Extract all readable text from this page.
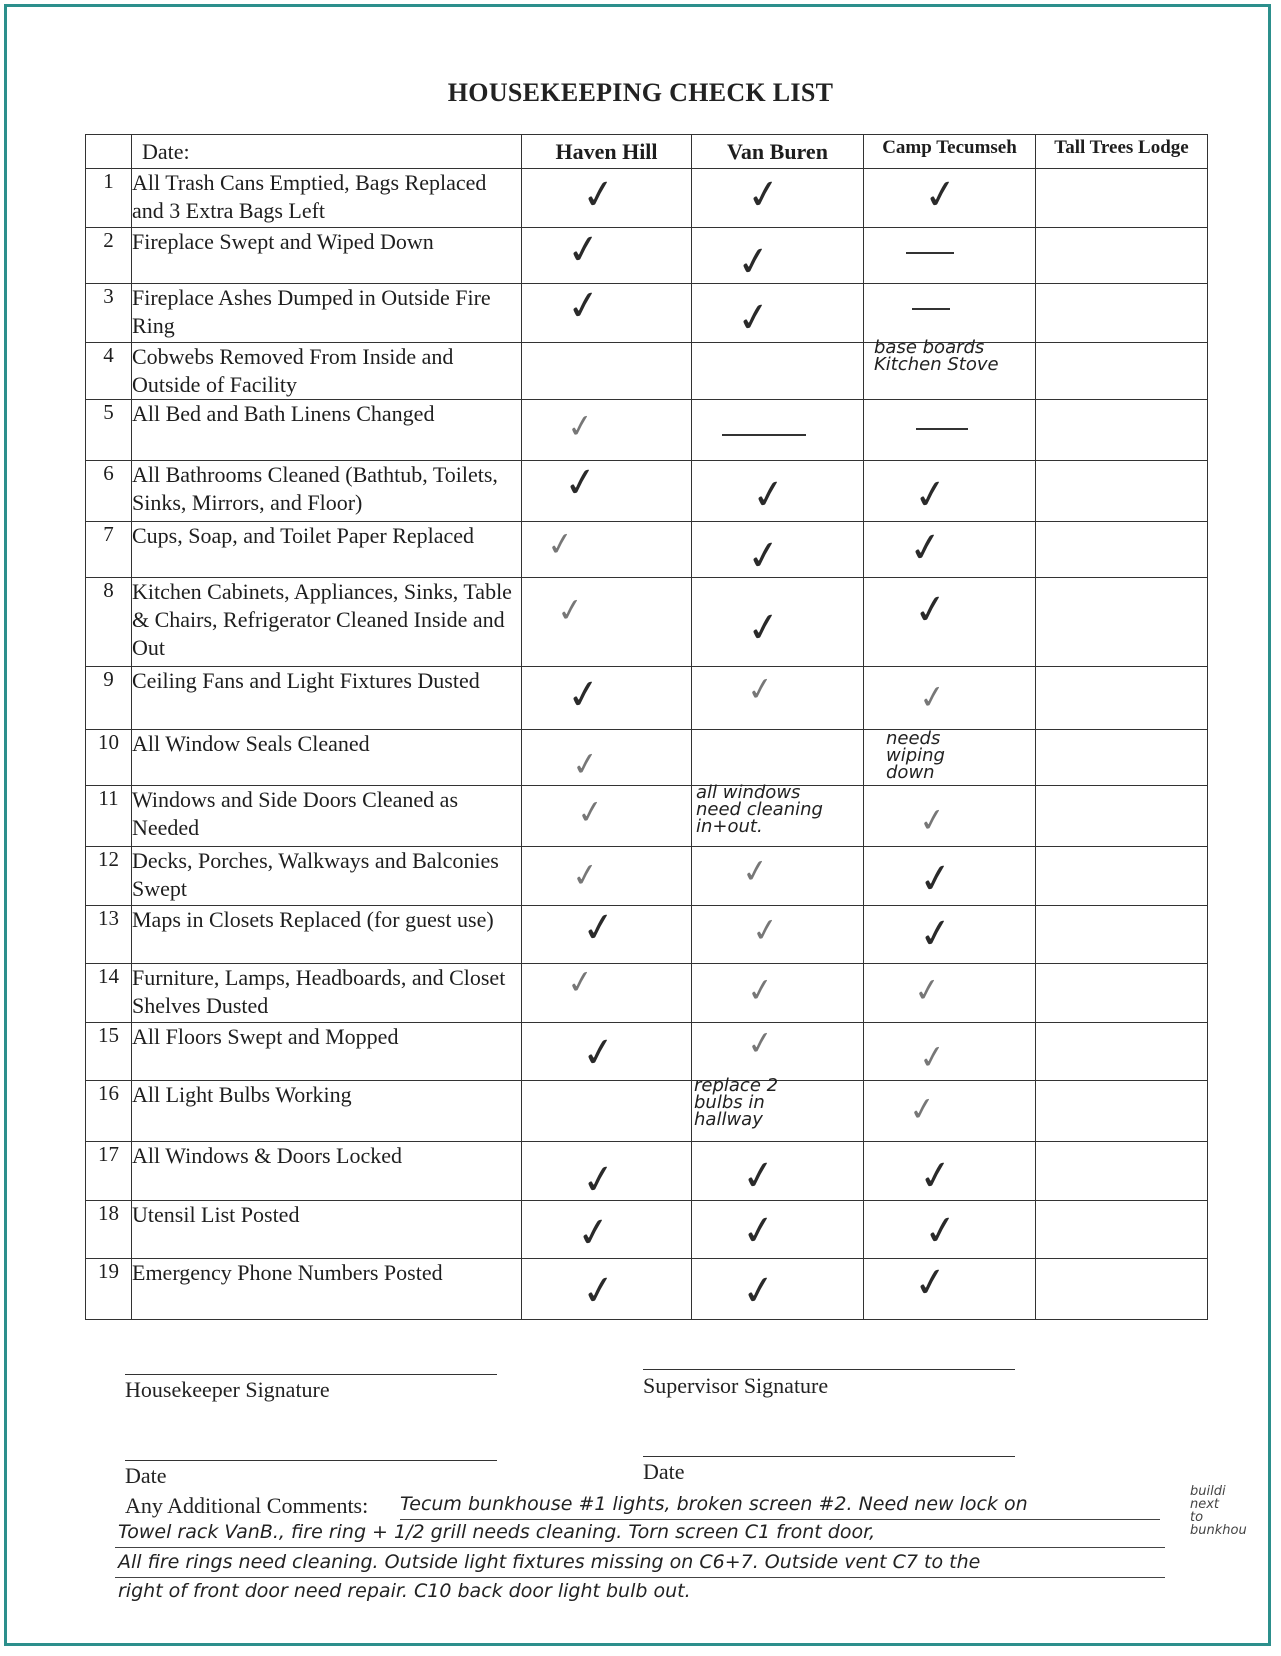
HOUSEKEEPING CHECK LIST
	Date:	Haven Hill	Van Buren	Camp Tecumseh	Tall Trees Lodge
1	All Trash Cans Emptied, Bags Replaced and 3 Extra Bags Left	✓	✓	✓	

2	Fireplace Swept and Wiped Down	✓	✓		

3	Fireplace Ashes Dumped in Outside Fire Ring	✓	✓		

4	Cobwebs Removed From Inside and Outside of Facility			base boards
Kitchen Stove	

5	All Bed and Bath Linens Changed	✓			

6	All Bathrooms Cleaned (Bathtub, Toilets, Sinks, Mirrors, and Floor)	✓	✓	✓	

7	Cups, Soap, and Toilet Paper Replaced	✓	✓	✓	

8	Kitchen Cabinets, Appliances, Sinks, Table & Chairs, Refrigerator Cleaned Inside and Out	✓	✓	✓	

9	Ceiling Fans and Light Fixtures Dusted	✓	✓	✓	

10	All Window Seals Cleaned	✓		needs
wiping
down	

11	Windows and Side Doors Cleaned as Needed	✓	all windows
need cleaning
in+out.	✓	

12	Decks, Porches, Walkways and Balconies Swept	✓	✓	✓	

13	Maps in Closets Replaced (for guest use)	✓	✓	✓	

14	Furniture, Lamps, Headboards, and Closet Shelves Dusted	✓	✓	✓	

15	All Floors Swept and Mopped	✓	✓	✓	

16	All Light Bulbs Working		replace 2
bulbs in
hallway	✓	

17	All Windows & Doors Locked	✓	✓	✓	

18	Utensil List Posted	✓	✓	✓	

19	Emergency Phone Numbers Posted	✓	✓	✓	

Housekeeper Signature	Supervisor Signature
Date	Date
Any Additional Comments: Tecum bunkhouse #1 lights, broken screen #2. Need new lock on
Towel rack VanB., fire ring + 1/2 grill needs cleaning. Torn screen C1 front door,
All fire rings need cleaning. Outside light fixtures missing on C6+7. Outside vent C7 to the
right of front door need repair. C10 back door light bulb out.
buildi
next
to
bunkhou
